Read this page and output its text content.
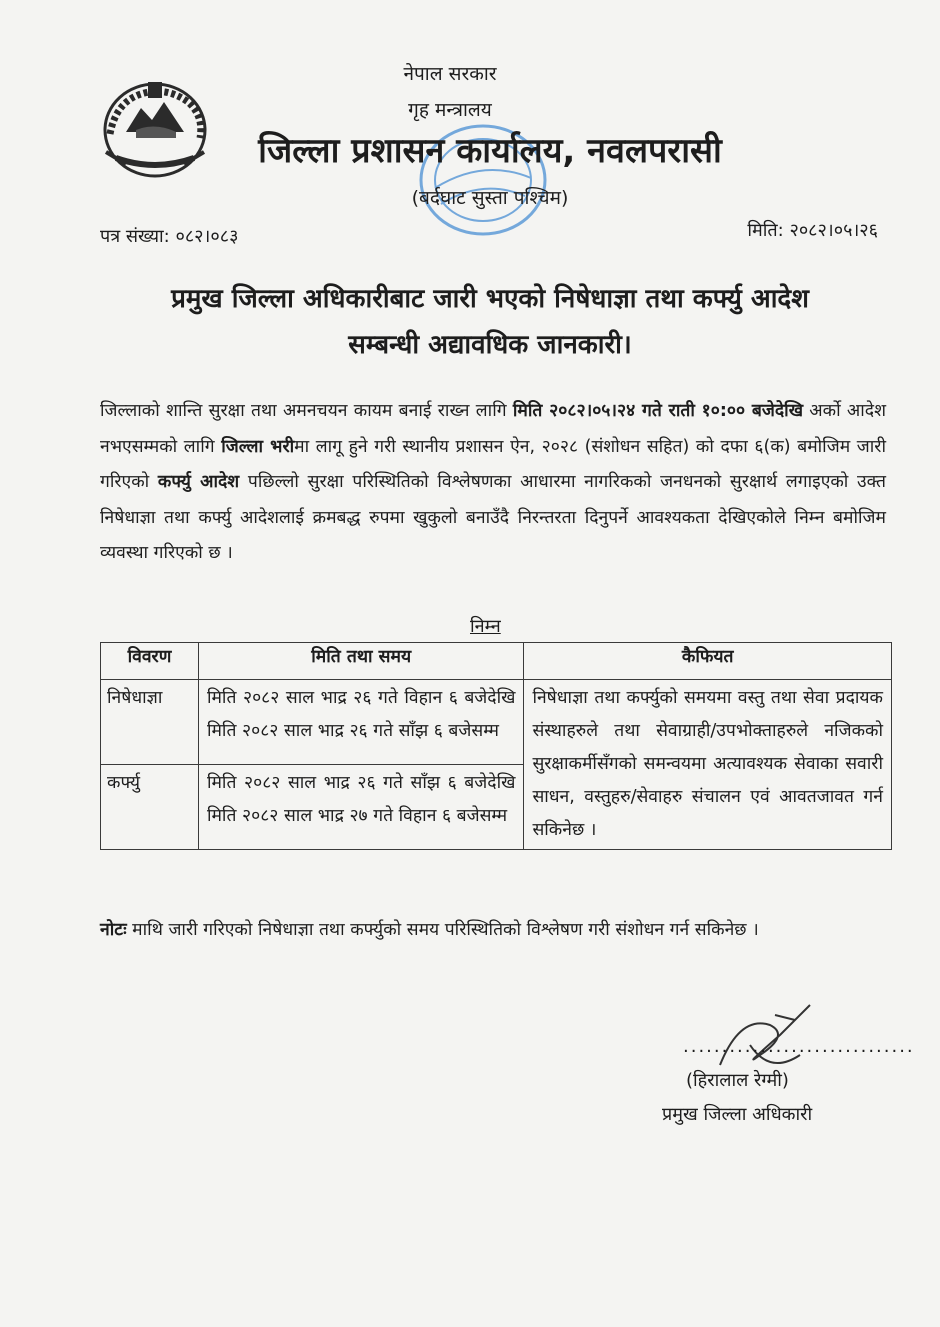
नेपाल सरकार
गृह मन्त्रालय
जिल्ला प्रशासन कार्यालय, नवलपरासी
(बर्दघाट सुस्ता पश्चिम)
पत्र संख्या: ०८२।०८३	मिति: २०८२।०५।२६
प्रमुख जिल्ला अधिकारीबाट जारी भएको निषेधाज्ञा तथा कर्फ्यु आदेश
सम्बन्धी अद्यावधिक जानकारी।
जिल्लाको शान्ति सुरक्षा तथा अमनचयन कायम बनाई राख्न लागि मिति २०८२।०५।२४ गते राती १०:०० बजेदेखि अर्को आदेश नभएसम्मको लागि जिल्ला भरीमा लागू हुने गरी स्थानीय प्रशासन ऐन, २०२८ (संशोधन सहित) को दफा ६(क) बमोजिम जारी गरिएको कर्फ्यु आदेश पछिल्लो सुरक्षा परिस्थितिको विश्लेषणका आधारमा नागरिकको जनधनको सुरक्षार्थ लगाइएको उक्त निषेधाज्ञा तथा कर्फ्यु आदेशलाई क्रमबद्ध रुपमा खुकुलो बनाउँदै निरन्तरता दिनुपर्ने आवश्यकता देखिएकोले निम्न बमोजिम व्यवस्था गरिएको छ ।
निम्न
विवरण	मिति तथा समय	कैफियत
निषेधाज्ञा	मिति २०८२ साल भाद्र २६ गते विहान ६ बजेदेखि मिति २०८२ साल भाद्र २६ गते साँझ ६ बजेसम्म	निषेधाज्ञा तथा कर्फ्युको समयमा वस्तु तथा सेवा प्रदायक संस्थाहरुले तथा सेवाग्राही/उपभोक्ताहरुले नजिकको सुरक्षाकर्मीसँगको समन्वयमा अत्यावश्यक सेवाका सवारी साधन, वस्तुहरु/सेवाहरु संचालन एवं आवतजावत गर्न सकिनेछ ।
कर्फ्यु	मिति २०८२ साल भाद्र २६ गते साँझ ६ बजेदेखि मिति २०८२ साल भाद्र २७ गते विहान ६ बजेसम्म	
नोटः माथि जारी गरिएको निषेधाज्ञा तथा कर्फ्युको समय परिस्थितिको विश्लेषण गरी संशोधन गर्न सकिनेछ ।
..............................
(हिरालाल रेग्मी)
प्रमुख जिल्ला अधिकारी
